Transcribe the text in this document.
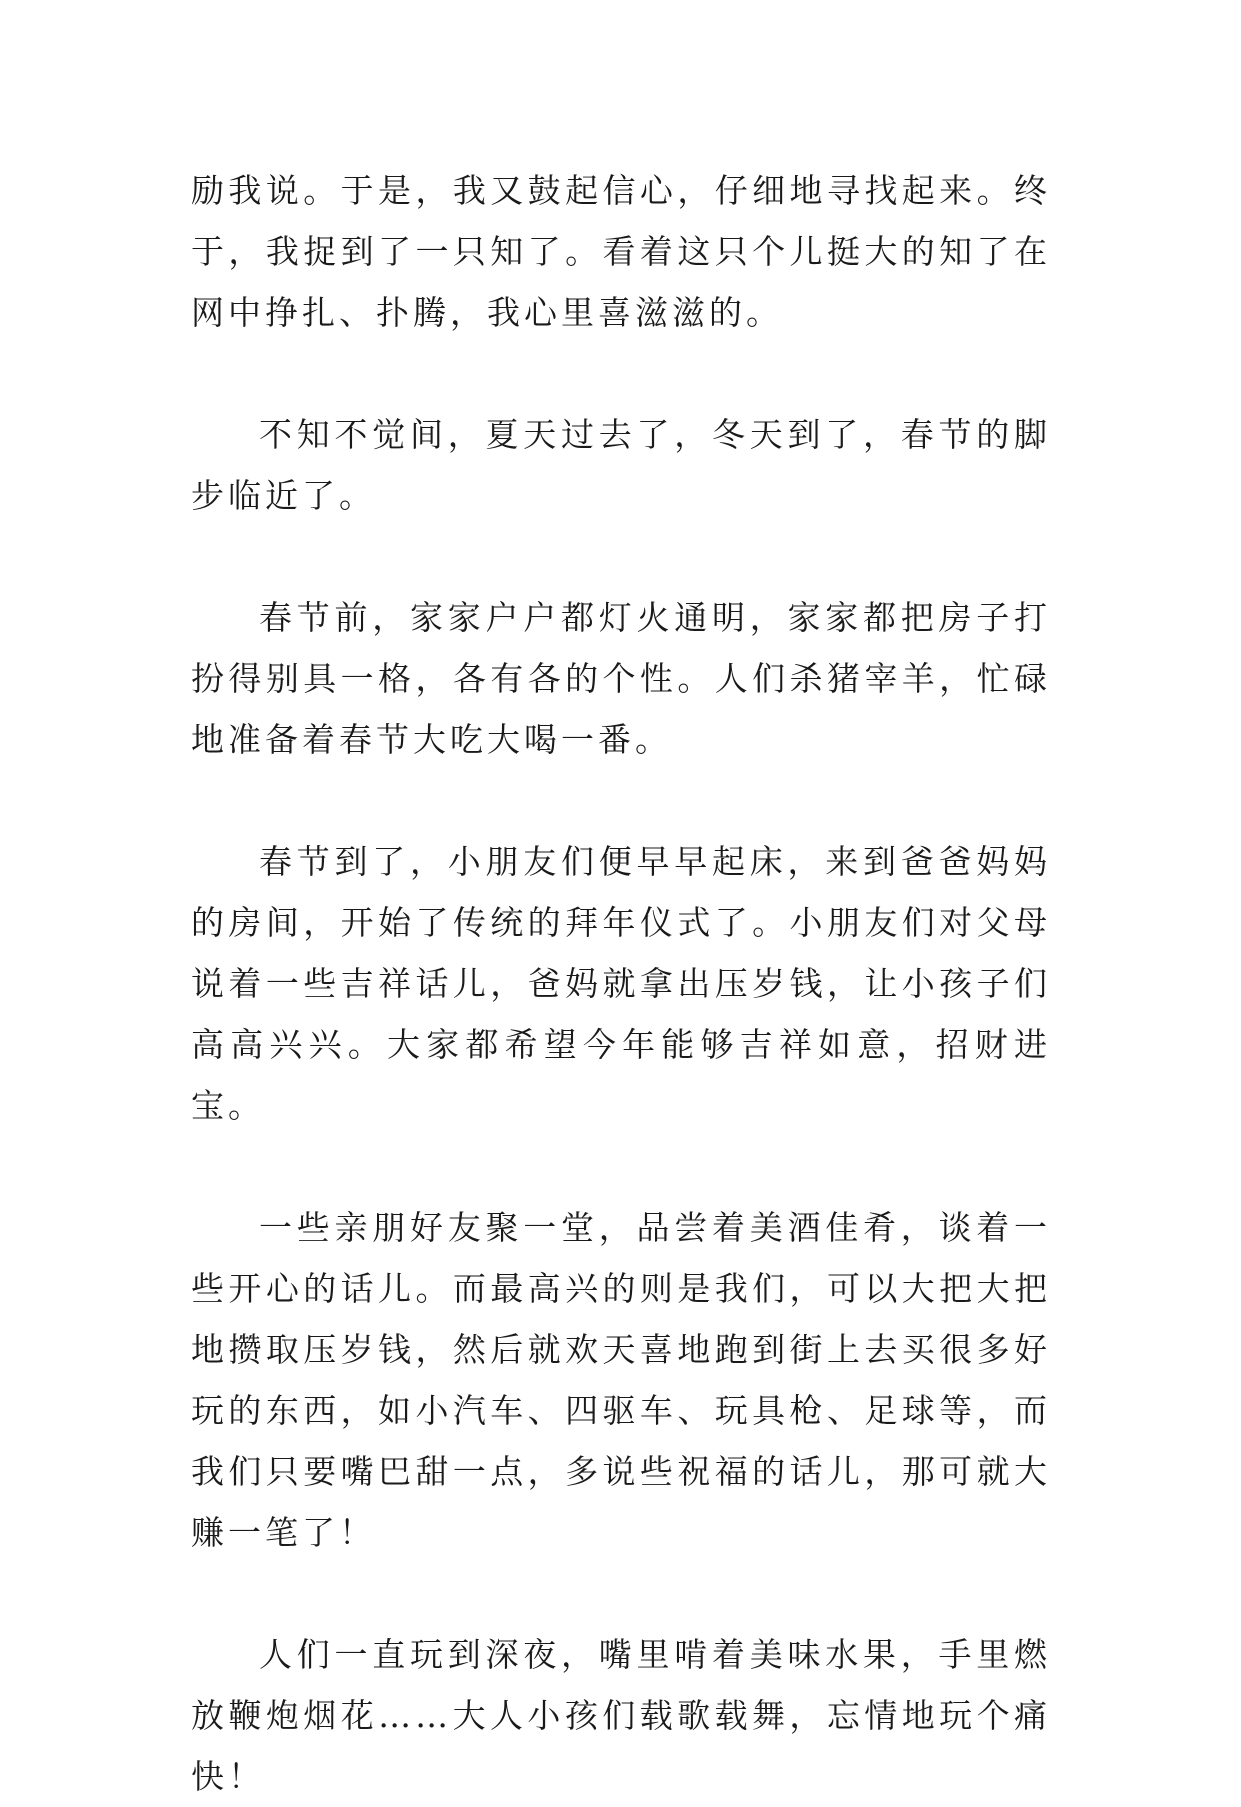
励我说。于是，我又鼓起信心，仔细地寻找起来。终于，我捉到了一只知了。看着这只个儿挺大的知了在网中挣扎、扑腾，我心里喜滋滋的。

不知不觉间，夏天过去了，冬天到了，春节的脚步临近了。

春节前，家家户户都灯火通明，家家都把房子打扮得别具一格，各有各的个性。人们杀猪宰羊，忙碌地准备着春节大吃大喝一番。

春节到了，小朋友们便早早起床，来到爸爸妈妈的房间，开始了传统的拜年仪式了。小朋友们对父母说着一些吉祥话儿，爸妈就拿出压岁钱，让小孩子们高高兴兴。大家都希望今年能够吉祥如意，招财进宝。

一些亲朋好友聚一堂，品尝着美酒佳肴，谈着一些开心的话儿。而最高兴的则是我们，可以大把大把地攒取压岁钱，然后就欢天喜地跑到街上去买很多好玩的东西，如小汽车、四驱车、玩具枪、足球等，而我们只要嘴巴甜一点，多说些祝福的话儿，那可就大赚一笔了！

人们一直玩到深夜，嘴里啃着美味水果，手里燃放鞭炮烟花……大人小孩们载歌载舞，忘情地玩个痛快！
